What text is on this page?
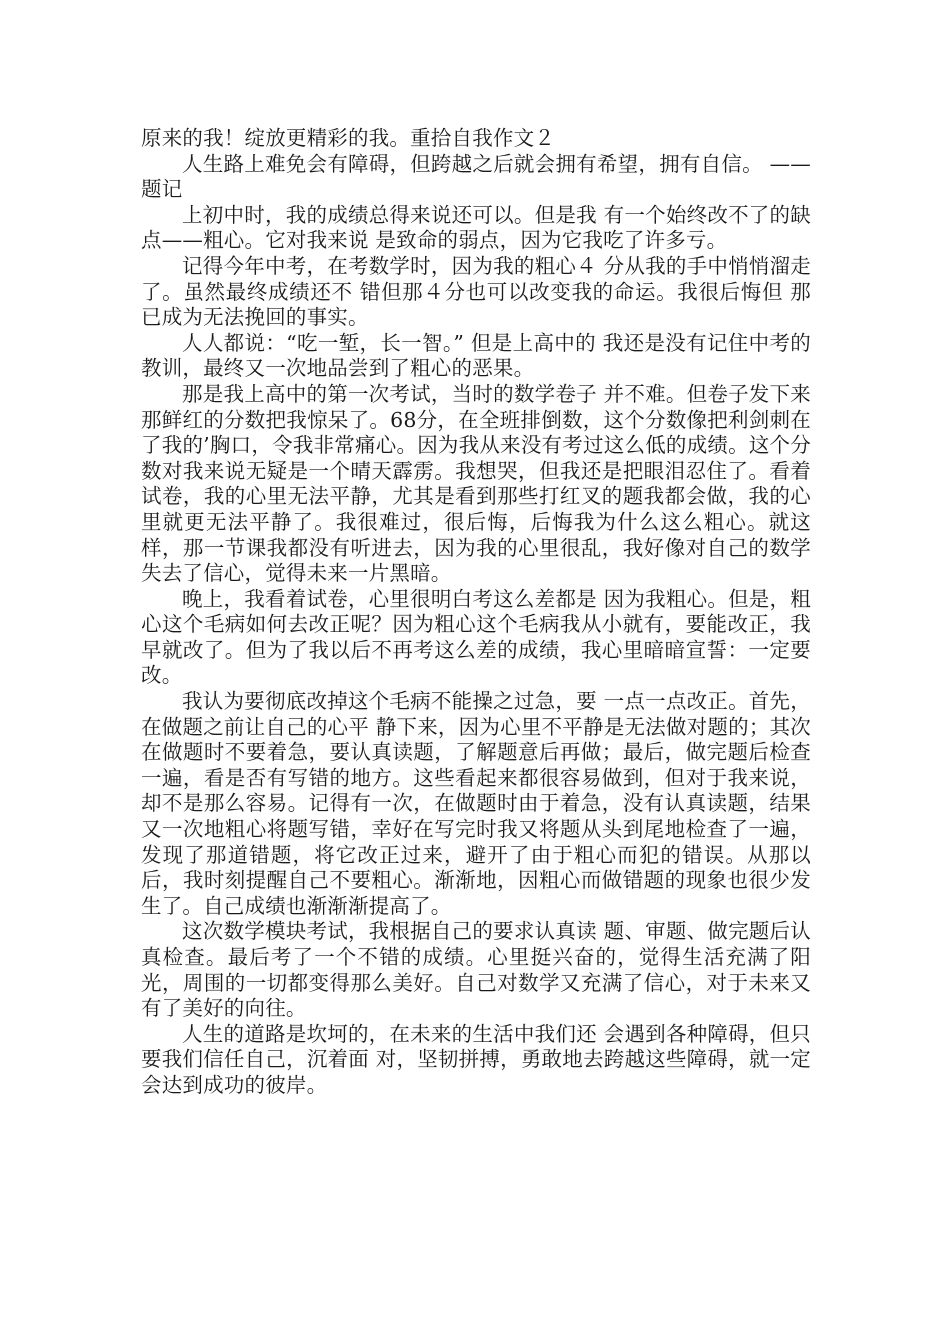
原来的我！绽放更精彩的我。重拾自我作文２

人生路上难免会有障碍，但跨越之后就会拥有希望，拥有自信。 ——题记

上初中时，我的成绩总得来说还可以。但是我 有一个始终改不了的缺点——粗心。它对我来说 是致命的弱点，因为它我吃了许多亏。

记得今年中考，在考数学时，因为我的粗心４ 分从我的手中悄悄溜走了。虽然最终成绩还不 错但那４分也可以改变我的命运。我很后悔但 那已成为无法挽回的事实。

人人都说：“吃一堑，长一智。” 但是上高中的 我还是没有记住中考的教训，最终又一次地品尝到了粗心的恶果。

那是我上高中的第一次考试，当时的数学卷子 并不难。但卷子发下来那鲜红的分数把我惊呆了。68分，在全班排倒数，这个分数像把利剑刺在了我的’胸口，令我非常痛心。因为我从来没有考过这么低的成绩。这个分数对我来说无疑是一个晴天霹雳。我想哭，但我还是把眼泪忍住了。看着试卷，我的心里无法平静，尤其是看到那些打红叉的题我都会做，我的心里就更无法平静了。我很难过，很后悔，后悔我为什么这么粗心。就这样，那一节课我都没有听进去，因为我的心里很乱，我好像对自己的数学失去了信心，觉得未来一片黑暗。

晚上，我看着试卷，心里很明白考这么差都是 因为我粗心。但是，粗心这个毛病如何去改正呢？因为粗心这个毛病我从小就有，要能改正，我早就改了。但为了我以后不再考这么差的成绩，我心里暗暗宣誓：一定要改。

我认为要彻底改掉这个毛病不能操之过急，要 一点一点改正。首先，在做题之前让自己的心平 静下来，因为心里不平静是无法做对题的；其次在做题时不要着急，要认真读题，了解题意后再做；最后，做完题后检查一遍，看是否有写错的地方。这些看起来都很容易做到，但对于我来说，却不是那么容易。记得有一次，在做题时由于着急，没有认真读题，结果又一次地粗心将题写错，幸好在写完时我又将题从头到尾地检查了一遍，发现了那道错题，将它改正过来，避开了由于粗心而犯的错误。从那以后，我时刻提醒自己不要粗心。渐渐地，因粗心而做错题的现象也很少发生了。自己成绩也渐渐渐提高了。

这次数学模块考试，我根据自己的要求认真读 题、审题、做完题后认真检查。最后考了一个不错的成绩。心里挺兴奋的，觉得生活充满了阳光，周围的一切都变得那么美好。自己对数学又充满了信心，对于未来又有了美好的向往。

人生的道路是坎坷的，在未来的生活中我们还 会遇到各种障碍，但只要我们信任自己，沉着面 对，坚韧拼搏，勇敢地去跨越这些障碍，就一定 会达到成功的彼岸。
